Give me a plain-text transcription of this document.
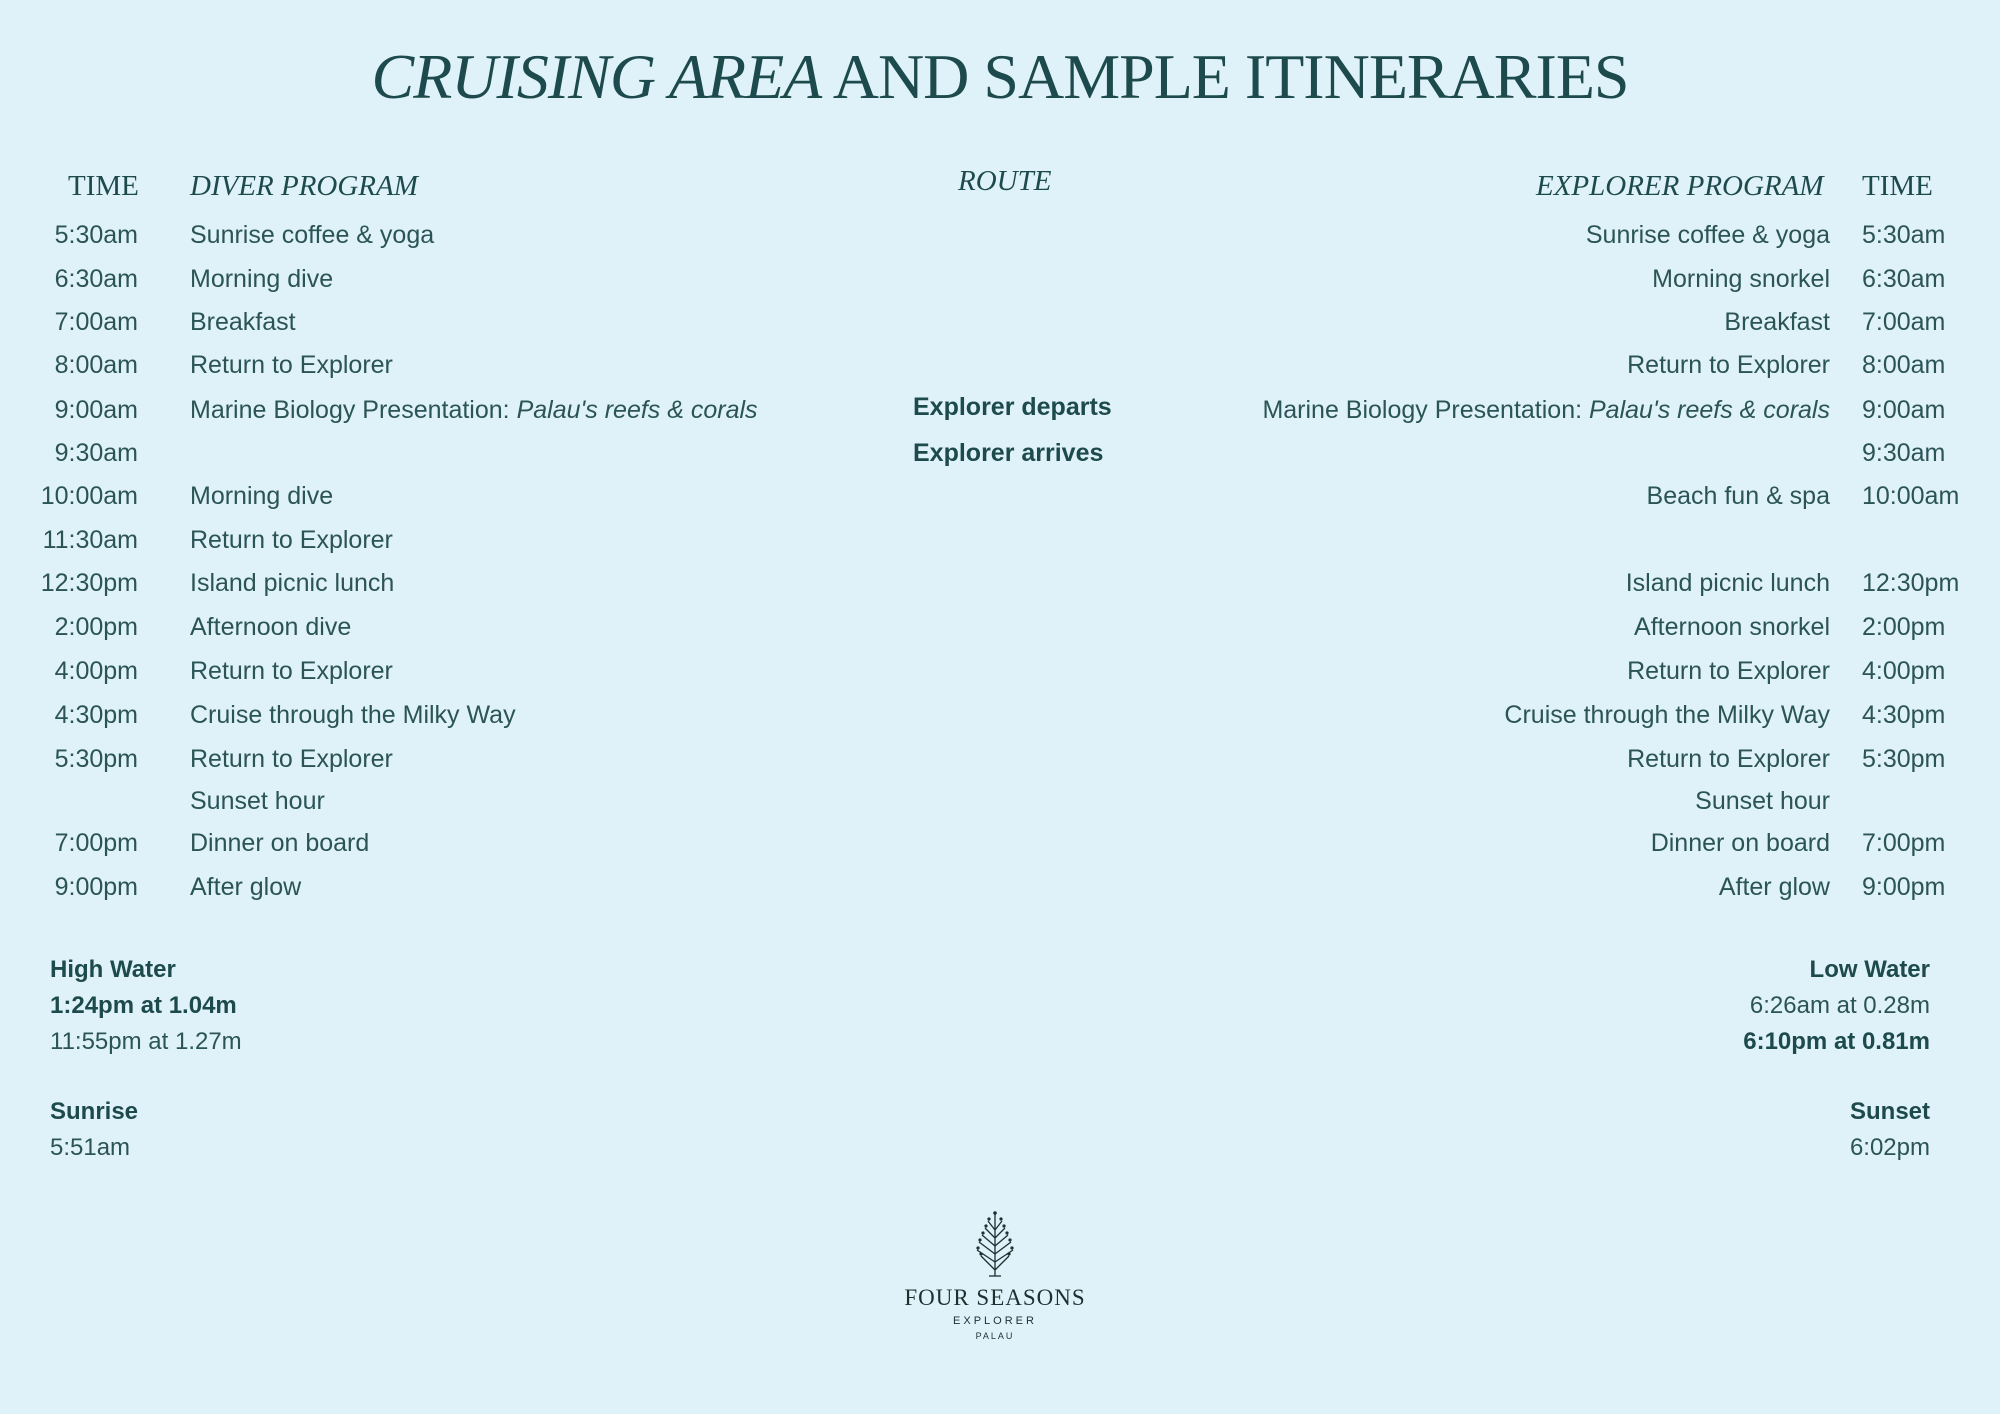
CRUISING AREA AND SAMPLE ITINERARIES
TIME DIVER PROGRAM	ROUTE	EXPLORER PROGRAM TIME
5:30am Sunrise coffee & yoga
6:30am Morning dive
7:00am Breakfast
8:00am Return to Explorer
9:00am Marine Biology Presentation: Palau's reefs & corals
9:30am
10:00am Morning dive
11:30am Return to Explorer
12:30pm Island picnic lunch
2:00pm Afternoon dive
4:00pm Return to Explorer
4:30pm Cruise through the Milky Way
5:30pm Return to Explorer
Sunset hour
7:00pm Dinner on board
9:00pm After glow
5:30am
Sunrise coffee & yoga
6:30am
Morning snorkel
7:00am
Breakfast
8:00am
Return to Explorer
9:00am
Marine Biology Presentation: Palau's reefs & corals
9:30am
10:00am
Beach fun & spa
12:30pm
Island picnic lunch
2:00pm
Afternoon snorkel
4:00pm
Return to Explorer
4:30pm
Cruise through the Milky Way
5:30pm
Return to Explorer
Sunset hour
7:00pm
Dinner on board
9:00pm
After glow
Explorer departs
Explorer arrives
High Water
1:24pm at 1.04m
11:55pm at 1.27m
Low Water
6:26am at 0.28m
6:10pm at 0.81m
Sunrise
5:51am
Sunset
6:02pm
FOUR SEASONS
EXPLORER
PALAU
